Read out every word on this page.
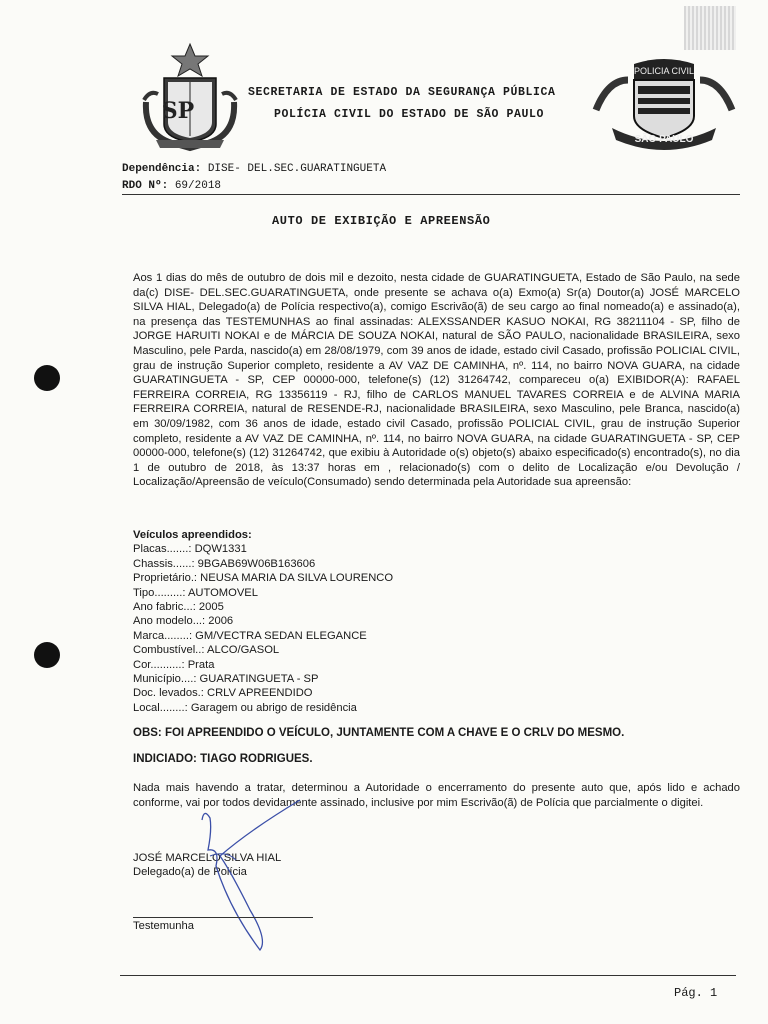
SP
POLICIA CIVIL
SÃO PAULO
SECRETARIA DE ESTADO DA SEGURANÇA PÚBLICA
POLÍCIA CIVIL DO ESTADO DE SÃO PAULO
Dependência: DISE- DEL.SEC.GUARATINGUETA
RDO Nº: 69/2018
AUTO DE EXIBIÇÃO E APREENSÃO
Aos 1 dias do mês de outubro de dois mil e dezoito, nesta cidade de GUARATINGUETA, Estado de São Paulo, na sede da(c) DISE- DEL.SEC.GUARATINGUETA, onde presente se achava o(a) Exmo(a) Sr(a) Doutor(a) JOSÉ MARCELO SILVA HIAL, Delegado(a) de Polícia respectivo(a), comigo Escrivão(ã) de seu cargo ao final nomeado(a) e assinado(a), na presença das TESTEMUNHAS ao final assinadas: ALEXSSANDER KASUO NOKAI, RG 38211104 - SP, filho de JORGE HARUITI NOKAI e de MÁRCIA DE SOUZA NOKAI, natural de SÃO PAULO, nacionalidade BRASILEIRA, sexo Masculino, pele Parda, nascido(a) em 28/08/1979, com 39 anos de idade, estado civil Casado, profissão POLICIAL CIVIL, grau de instrução Superior completo, residente a AV VAZ DE CAMINHA, nº. 114, no bairro NOVA GUARA, na cidade GUARATINGUETA - SP, CEP 00000-000, telefone(s) (12) 31264742, compareceu o(a) EXIBIDOR(A): RAFAEL FERREIRA CORREIA, RG 13356119 - RJ, filho de CARLOS MANUEL TAVARES CORREIA e de ALVINA MARIA FERREIRA CORREIA, natural de RESENDE-RJ, nacionalidade BRASILEIRA, sexo Masculino, pele Branca, nascido(a) em 30/09/1982, com 36 anos de idade, estado civil Casado, profissão POLICIAL CIVIL, grau de instrução Superior completo, residente a AV VAZ DE CAMINHA, nº. 114, no bairro NOVA GUARA, na cidade GUARATINGUETA - SP, CEP 00000-000, telefone(s) (12) 31264742, que exibiu à Autoridade o(s) objeto(s) abaixo especificado(s) encontrado(s), no dia 1 de outubro de 2018, às 13:37 horas em , relacionado(s) com o delito de Localização e/ou Devolução / Localização/Apreensão de veículo(Consumado) sendo determinada pela Autoridade sua apreensão:
Veículos apreendidos:
Placas.......: DQW1331
Chassis......: 9BGAB69W06B163606
Proprietário.: NEUSA MARIA DA SILVA LOURENCO
Tipo.........: AUTOMOVEL
Ano fabric...: 2005
Ano modelo...: 2006
Marca........: GM/VECTRA SEDAN ELEGANCE
Combustível..: ALCO/GASOL
Cor..........: Prata
Município....: GUARATINGUETA - SP
Doc. levados.: CRLV APREENDIDO
Local........: Garagem ou abrigo de residência
OBS: FOI APREENDIDO O VEÍCULO, JUNTAMENTE COM A CHAVE E O CRLV DO MESMO.
INDICIADO: TIAGO RODRIGUES.
Nada mais havendo a tratar, determinou a Autoridade o encerramento do presente auto que, após lido e achado conforme, vai por todos devidamente assinado, inclusive por mim Escrivão(ã) de Polícia que parcialmente o digitei.
JOSÉ MARCELO SILVA HIAL
Delegado(a) de Polícia
Testemunha
Pág. 1
